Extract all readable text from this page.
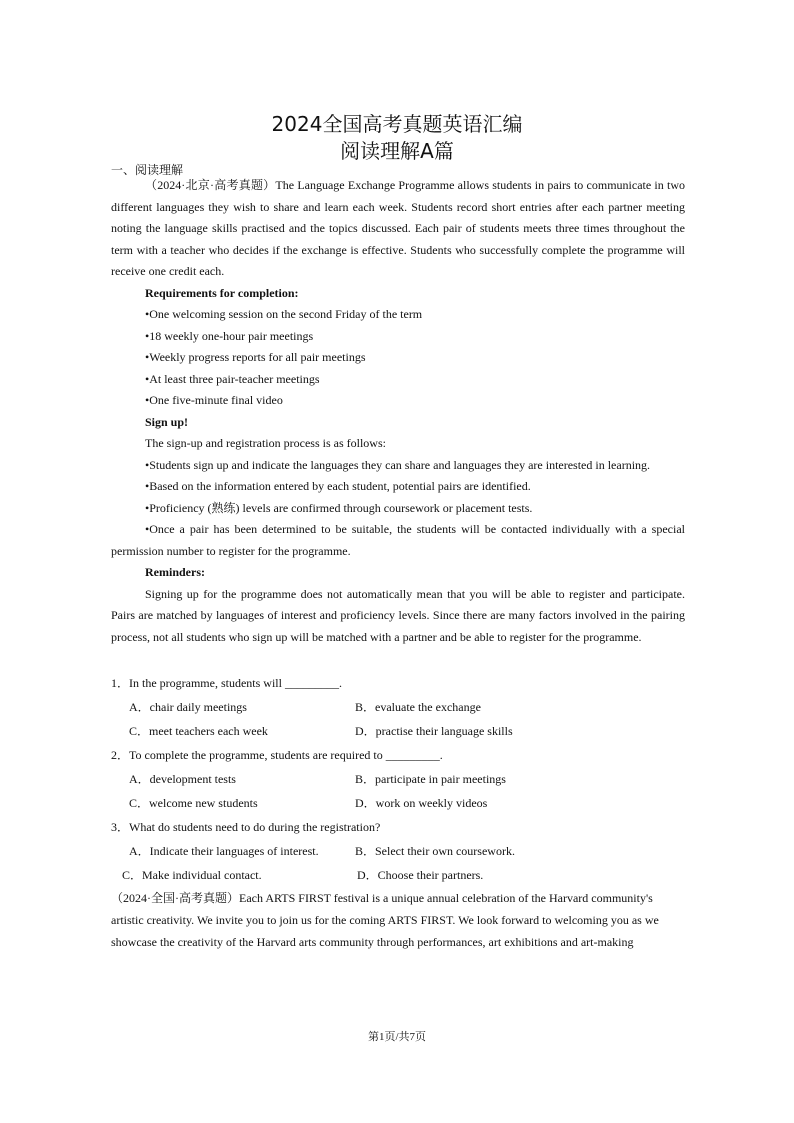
2024全国高考真题英语汇编
阅读理解A篇
一、阅读理解

（2024·北京·高考真题）The Language Exchange Programme allows students in pairs to communicate in two different languages they wish to share and learn each week. Students record short entries after each partner meeting noting the language skills practised and the topics discussed. Each pair of students meets three times throughout the term with a teacher who decides if the exchange is effective. Students who successfully complete the programme will receive one credit each.

Requirements for completion:

•One welcoming session on the second Friday of the term

•18 weekly one-hour pair meetings

•Weekly progress reports for all pair meetings

•At least three pair-teacher meetings

•One five-minute final video

Sign up!

The sign-up and registration process is as follows:

•Students sign up and indicate the languages they can share and languages they are interested in learning.

•Based on the information entered by each student, potential pairs are identified.

•Proficiency (熟练) levels are confirmed through coursework or placement tests.

•Once a pair has been determined to be suitable, the students will be contacted individually with a special permission number to register for the programme.

Reminders:

Signing up for the programme does not automatically mean that you will be able to register and participate. Pairs are matched by languages of interest and proficiency levels. Since there are many factors involved in the pairing process, not all students who sign up will be matched with a partner and be able to register for the programme.

1．In the programme, students will _________.
A．chair daily meetings	B．evaluate the exchange
C．meet teachers each week	D．practise their language skills
2．To complete the programme, students are required to _________.
A．development tests	B．participate in pair meetings
C．welcome new students	D．work on weekly videos
3．What do students need to do during the registration?
A．Indicate their languages of interest.	B．Select their own coursework.
C．Make individual contact.	D．Choose their partners.

（2024·全国·高考真题）Each ARTS FIRST festival is a unique annual celebration of the Harvard community's artistic creativity. We invite you to join us for the coming ARTS FIRST. We look forward to welcoming you as we showcase the creativity of the Harvard arts community through performances, art exhibitions and art-making

第1页/共7页
